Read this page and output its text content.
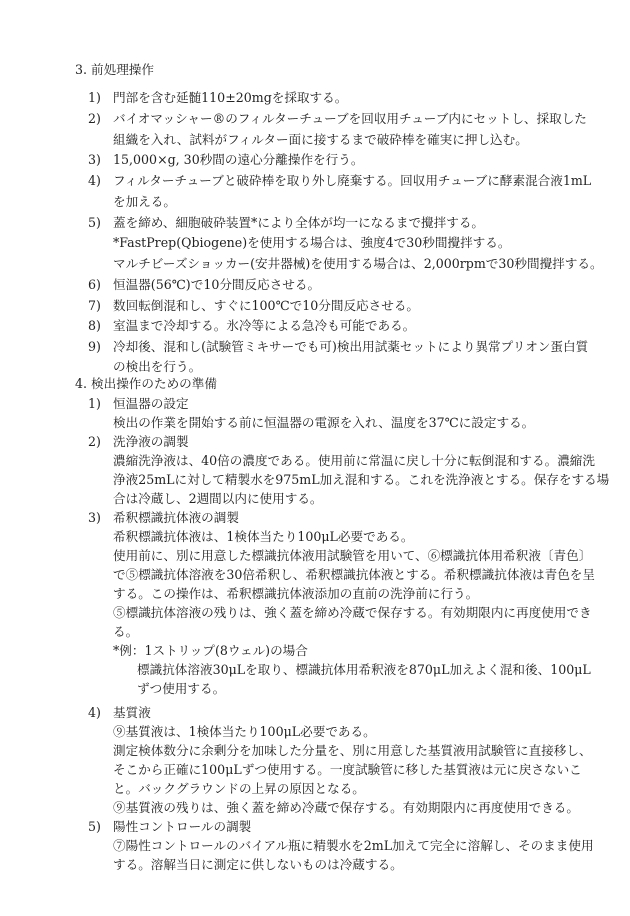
3. 前処理操作
1) 門部を含む延髄110±20mgを採取する。
2) バイオマッシャー®のフィルターチューブを回収用チューブ内にセットし、採取した
組織を入れ、試料がフィルター面に接するまで破砕棒を確実に押し込む。
3) 15,000×g, 30秒間の遠心分離操作を行う。
4) フィルターチューブと破砕棒を取り外し廃棄する。回収用チューブに酵素混合液1mL
を加える。
5) 蓋を締め、細胞破砕装置*により全体が均一になるまで攪拌する。
*FastPrep(Qbiogene)を使用する場合は、強度4で30秒間攪拌する。
マルチビーズショッカー(安井器械)を使用する場合は、2,000rpmで30秒間攪拌する。
6) 恒温器(56℃)で10分間反応させる。
7) 数回転倒混和し、すぐに100℃で10分間反応させる。
8) 室温まで冷却する。氷冷等による急冷も可能である。
9) 冷却後、混和し(試験管ミキサーでも可)検出用試薬セットにより異常プリオン蛋白質
の検出を行う。
4. 検出操作のための準備
1) 恒温器の設定
検出の作業を開始する前に恒温器の電源を入れ、温度を37℃に設定する。
2) 洗浄液の調製
濃縮洗浄液は、40倍の濃度である。使用前に常温に戻し十分に転倒混和する。濃縮洗
浄液25mLに対して精製水を975mL加え混和する。これを洗浄液とする。保存をする場
合は冷蔵し、2週間以内に使用する。
3) 希釈標識抗体液の調製
希釈標識抗体液は、1検体当たり100μL必要である。
使用前に、別に用意した標識抗体液用試験管を用いて、⑥標識抗体用希釈液〔青色〕
で⑤標識抗体溶液を30倍希釈し、希釈標識抗体液とする。希釈標識抗体液は青色を呈
する。この操作は、希釈標識抗体液添加の直前の洗浄前に行う。
⑤標識抗体溶液の残りは、強く蓋を締め冷蔵で保存する。有効期限内に再度使用でき
る。
*例：1ストリップ(8ウェル)の場合
標識抗体溶液30μLを取り、標識抗体用希釈液を870μL加えよく混和後、100μL
ずつ使用する。
4) 基質液
⑨基質液は、1検体当たり100μL必要である。
測定検体数分に余剰分を加味した分量を、別に用意した基質液用試験管に直接移し、
そこから正確に100μLずつ使用する。一度試験管に移した基質液は元に戻さないこ
と。バックグラウンドの上昇の原因となる。
⑨基質液の残りは、強く蓋を締め冷蔵で保存する。有効期限内に再度使用できる。
5) 陽性コントロールの調製
⑦陽性コントロールのバイアル瓶に精製水を2mL加えて完全に溶解し、そのまま使用
する。溶解当日に測定に供しないものは冷蔵する。
